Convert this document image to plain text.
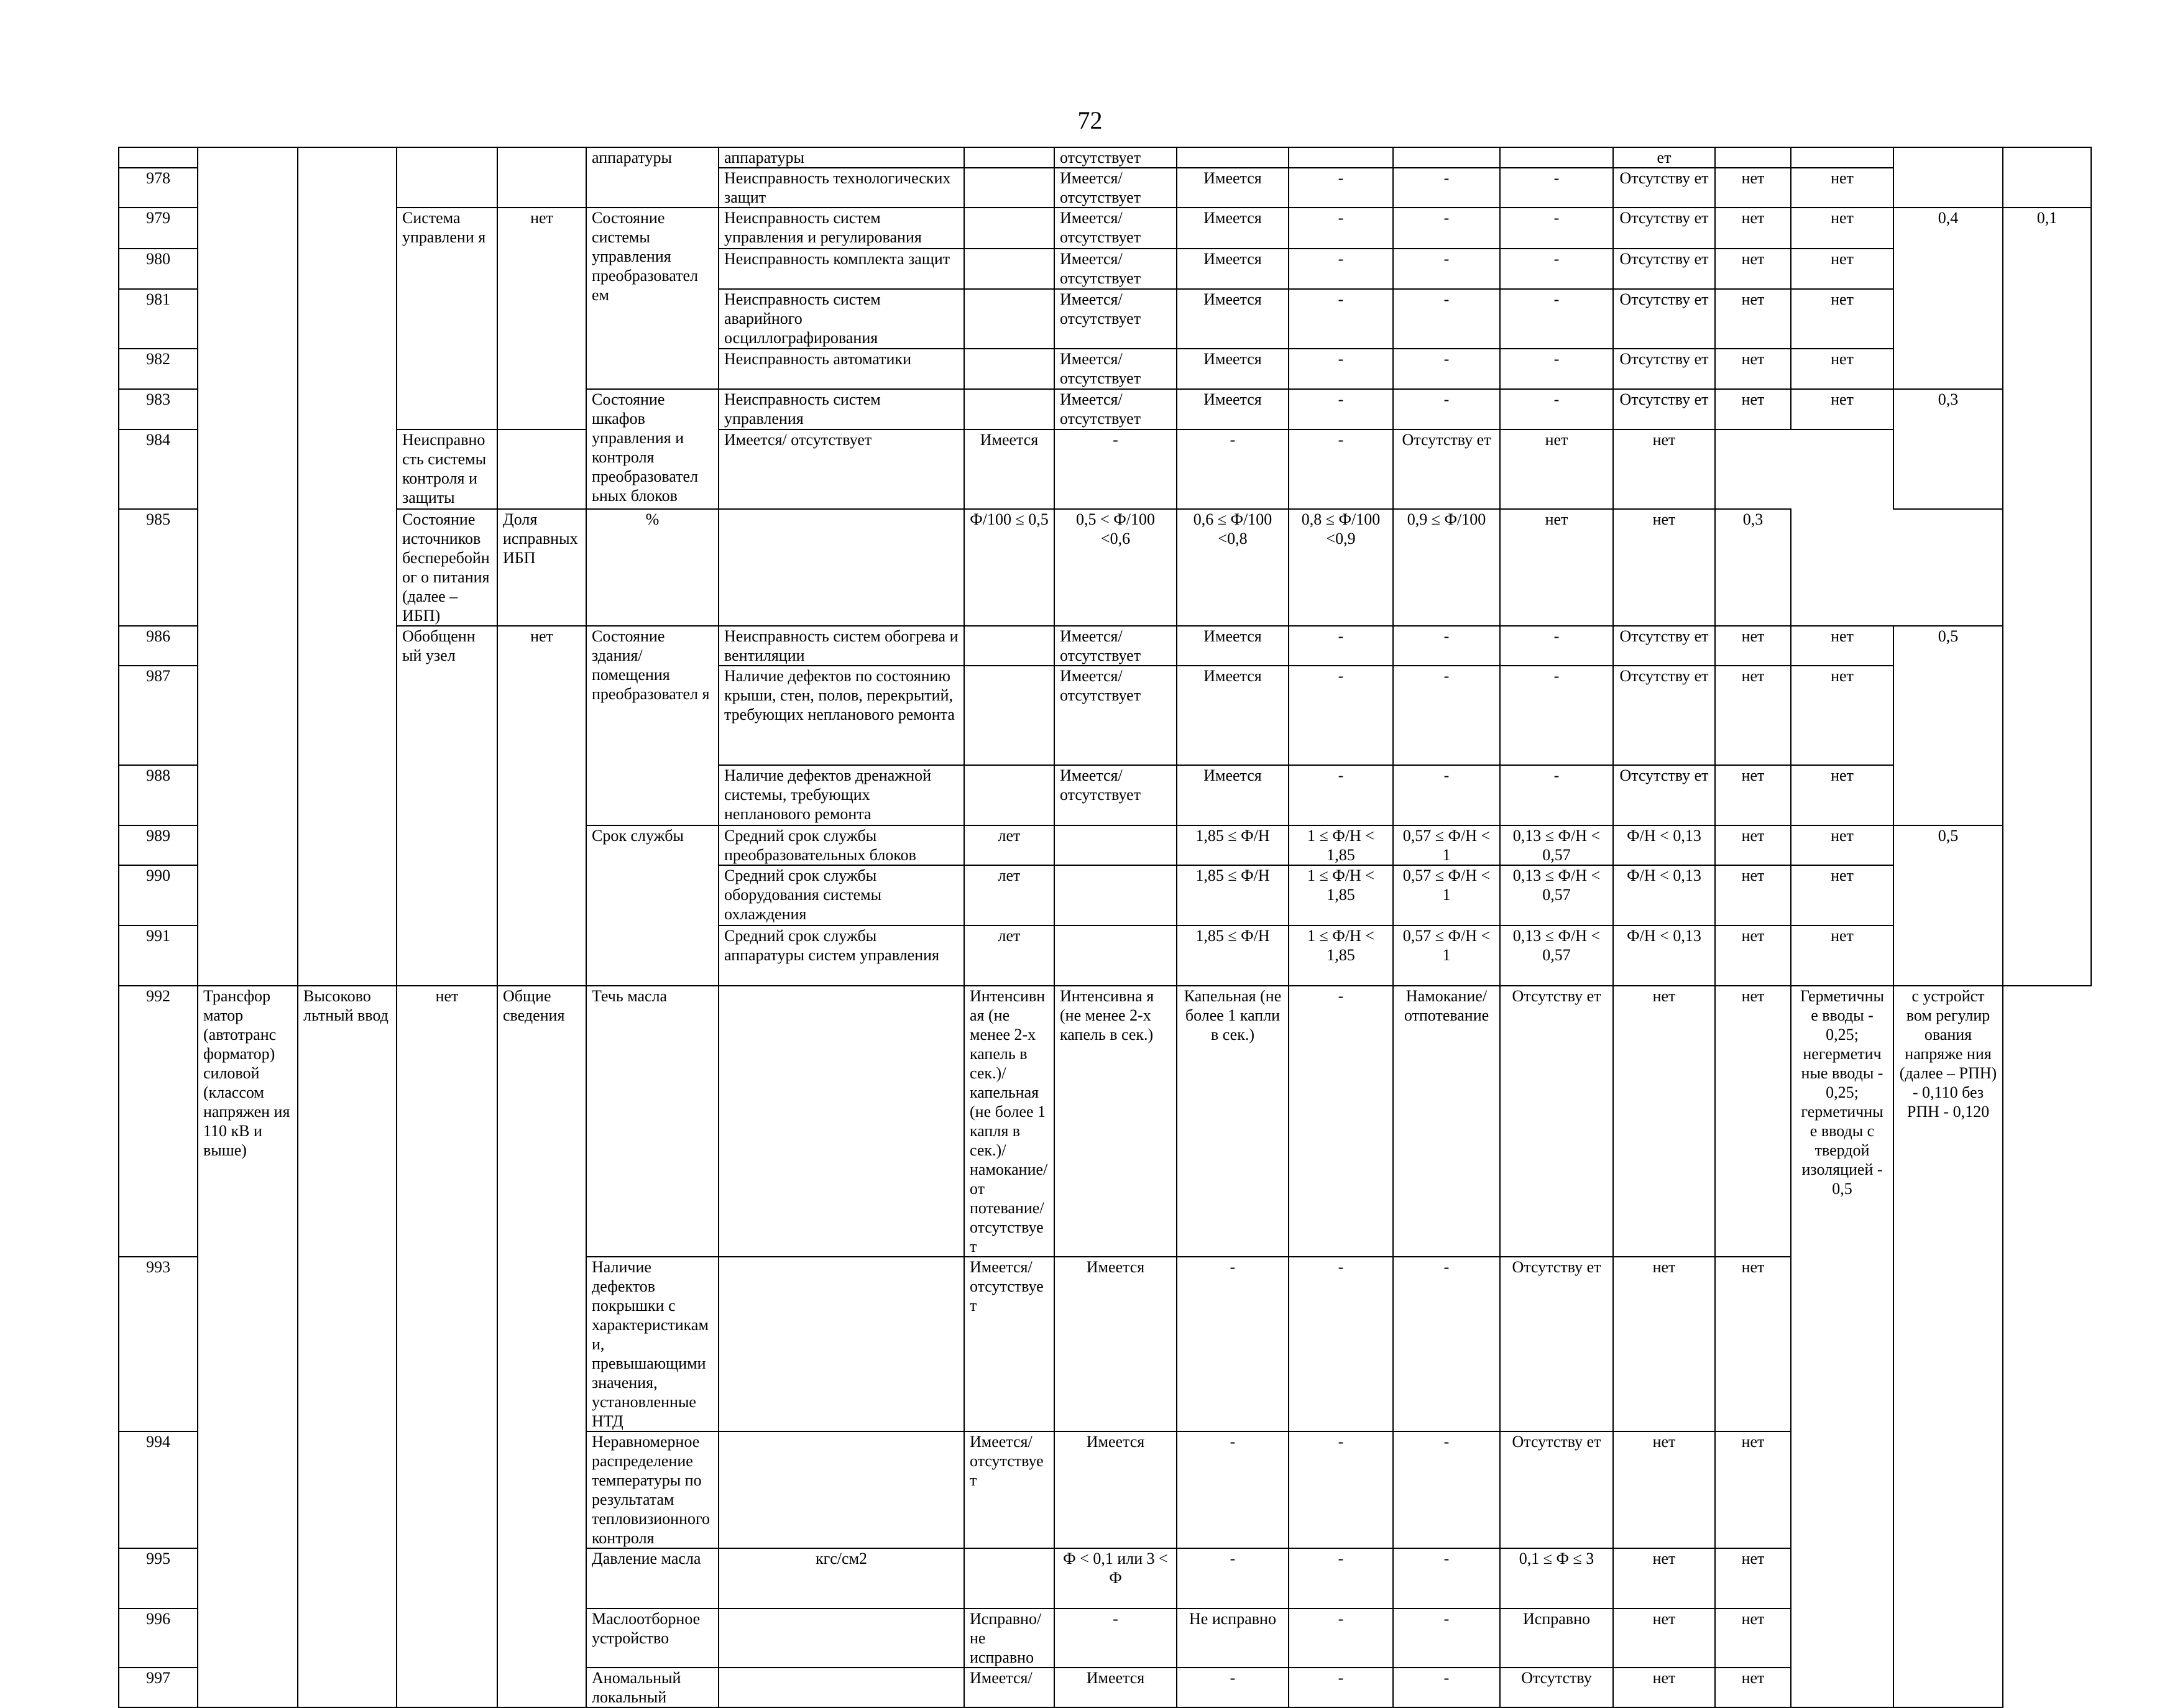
72
					аппаратуры	аппаратуры		отсутствует					ет				
978						Неисправность технологических защит		Имеется/ отсутствует	Имеется	-	-	-	Отсутству ет	нет	нет		
979			Система управлени я	нет	Состояние системы управления преобразовател ем	Неисправность систем управления и регулирования		Имеется/ отсутствует	Имеется	-	-	-	Отсутству ет	нет	нет	0,4	0,1
980						Неисправность комплекта защит		Имеется/ отсутствует	Имеется	-	-	-	Отсутству ет	нет	нет		
981						Неисправность систем аварийного осциллографирования		Имеется/ отсутствует	Имеется	-	-	-	Отсутству ет	нет	нет		
982						Неисправность автоматики		Имеется/ отсутствует	Имеется	-	-	-	Отсутству ет	нет	нет		
983					Состояние шкафов управления и контроля преобразовател ьных блоков	Неисправность систем управления		Имеется/ отсутствует	Имеется	-	-	-	Отсутству ет	нет	нет	0,3	
984			Неисправность системы контроля и защиты			Имеется/ отсутствует	Имеется	-	-	-	Отсутству ет	нет	нет				
985			Состояние источников бесперебойног о питания (далее – ИБП)	Доля исправных ИБП	%		Ф/100 ≤ 0,5	0,5 < Ф/100 <0,6	0,6 ≤ Ф/100 <0,8	0,8 ≤ Ф/100 <0,9	0,9 ≤ Ф/100	нет	нет	0,3			
986			Обобщенн ый узел	нет	Состояние здания/ помещения преобразовател я	Неисправность систем обогрева и вентиляции		Имеется/ отсутствует	Имеется	-	-	-	Отсутству ет	нет	нет	0,5	
987						Наличие дефектов по состоянию крыши, стен, полов, перекрытий, требующих непланового ремонта		Имеется/ отсутствует	Имеется	-	-	-	Отсутству ет	нет	нет		
988						Наличие дефектов дренажной системы, требующих непланового ремонта		Имеется/ отсутствует	Имеется	-	-	-	Отсутству ет	нет	нет		
989					Срок службы	Средний срок службы преобразовательных блоков	лет		1,85 ≤ Ф/Н	1 ≤ Ф/Н < 1,85	0,57 ≤ Ф/Н < 1	0,13 ≤ Ф/Н < 0,57	Ф/Н < 0,13	нет	нет	0,5	
990						Средний срок службы оборудования системы охлаждения	лет		1,85 ≤ Ф/Н	1 ≤ Ф/Н < 1,85	0,57 ≤ Ф/Н < 1	0,13 ≤ Ф/Н < 0,57	Ф/Н < 0,13	нет	нет		
991						Средний срок службы аппаратуры систем управления	лет		1,85 ≤ Ф/Н	1 ≤ Ф/Н < 1,85	0,57 ≤ Ф/Н < 1	0,13 ≤ Ф/Н < 0,57	Ф/Н < 0,13	нет	нет		
992	Трансфор матор (автотранс форматор) силовой (классом напряжен ия 110 кВ и выше)	Высоково льтный ввод	нет	Общие сведения	Течь масла		Интенсивная (не менее 2-х капель в сек.)/ капельная (не более 1 капля в сек.)/ намокание/от потевание/ отсутствует	Интенсивна я (не менее 2-х капель в сек.)	Капельная (не более 1 капли в сек.)	-	Намокание/ отпотевание	Отсутству ет	нет	нет	Герметичны е вводы - 0,25; негерметич ные вводы - 0,25; герметичны е вводы с твердой изоляцией - 0,5	с устройст вом регулир ования напряже ния (далее – РПН) - 0,110 без РПН - 0,120	
993					Наличие дефектов покрышки с характеристиками, превышающими значения, установленные НТД		Имеется/ отсутствует	Имеется	-	-	-	Отсутству ет	нет	нет			
994					Неравномерное распределение температуры по результатам тепловизионного контроля		Имеется/ отсутствует	Имеется	-	-	-	Отсутству ет	нет	нет			
995					Давление масла	кгс/см2		Ф < 0,1 или 3 < Ф	-	-	-	0,1 ≤ Ф ≤ 3	нет	нет			
996					Маслоотборное устройство		Исправно/ не исправно	-	Не исправно	-	-	Исправно	нет	нет			
997					Аномальный локальный		Имеется/	Имеется	-	-	-	Отсутству	нет	нет			
